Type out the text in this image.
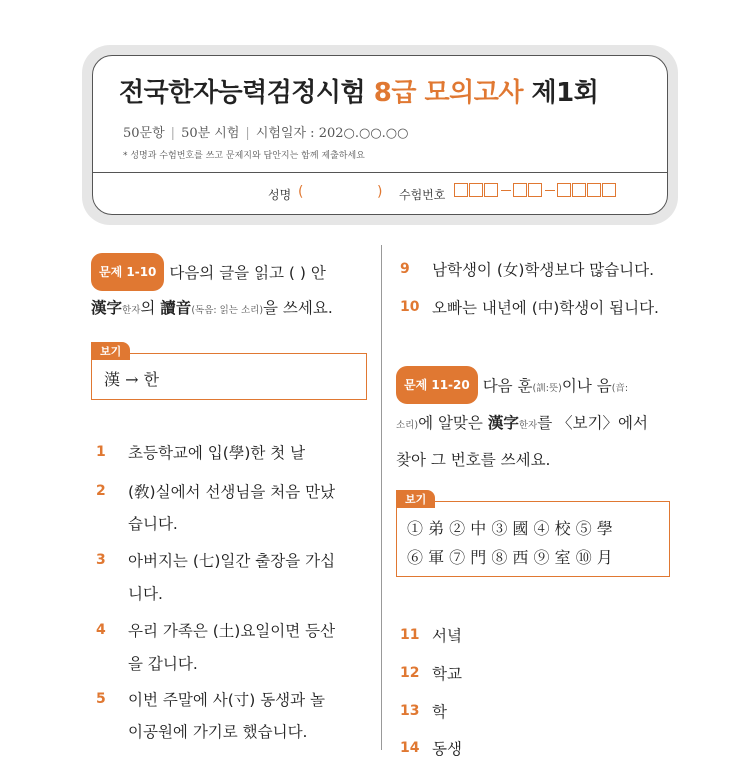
전국한자능력검정시험 8급 모의고사 제1회
50문항 | 50분 시험 | 시험일자 : 202○.○○.○○
* 성명과 수험번호를 쓰고 문제지와 답안지는 함께 제출하세요
성명 (	) 수험번호
문제 1-10 다음의 글을 읽고 ( ) 안
漢字한자의 讀音(독음: 읽는 소리)을 쓰세요.
보기
漢 → 한
1 초등학교에 입(學)한 첫 날
2 (敎)실에서 선생님을 처음 만났
습니다.
3 아버지는 (七)일간 출장을 가십
니다.
4 우리 가족은 (土)요일이면 등산
을 갑니다.
5 이번 주말에 사(寸) 동생과 놀
이공원에 가기로 했습니다.
9 남학생이 (女)학생보다 많습니다.
10 오빠는 내년에 (中)학생이 됩니다.
문제 11-20 다음 훈(訓:뜻)이나 음(音:
소리)에 알맞은 漢字한자를 〈보기〉에서
찾아 그 번호를 쓰세요.
보기
① 弟 ② 中 ③ 國 ④ 校 ⑤ 學
⑥ 軍 ⑦ 門 ⑧ 西 ⑨ 室 ⑩ 月
11 서녘
12 학교
13 학
14 동생
